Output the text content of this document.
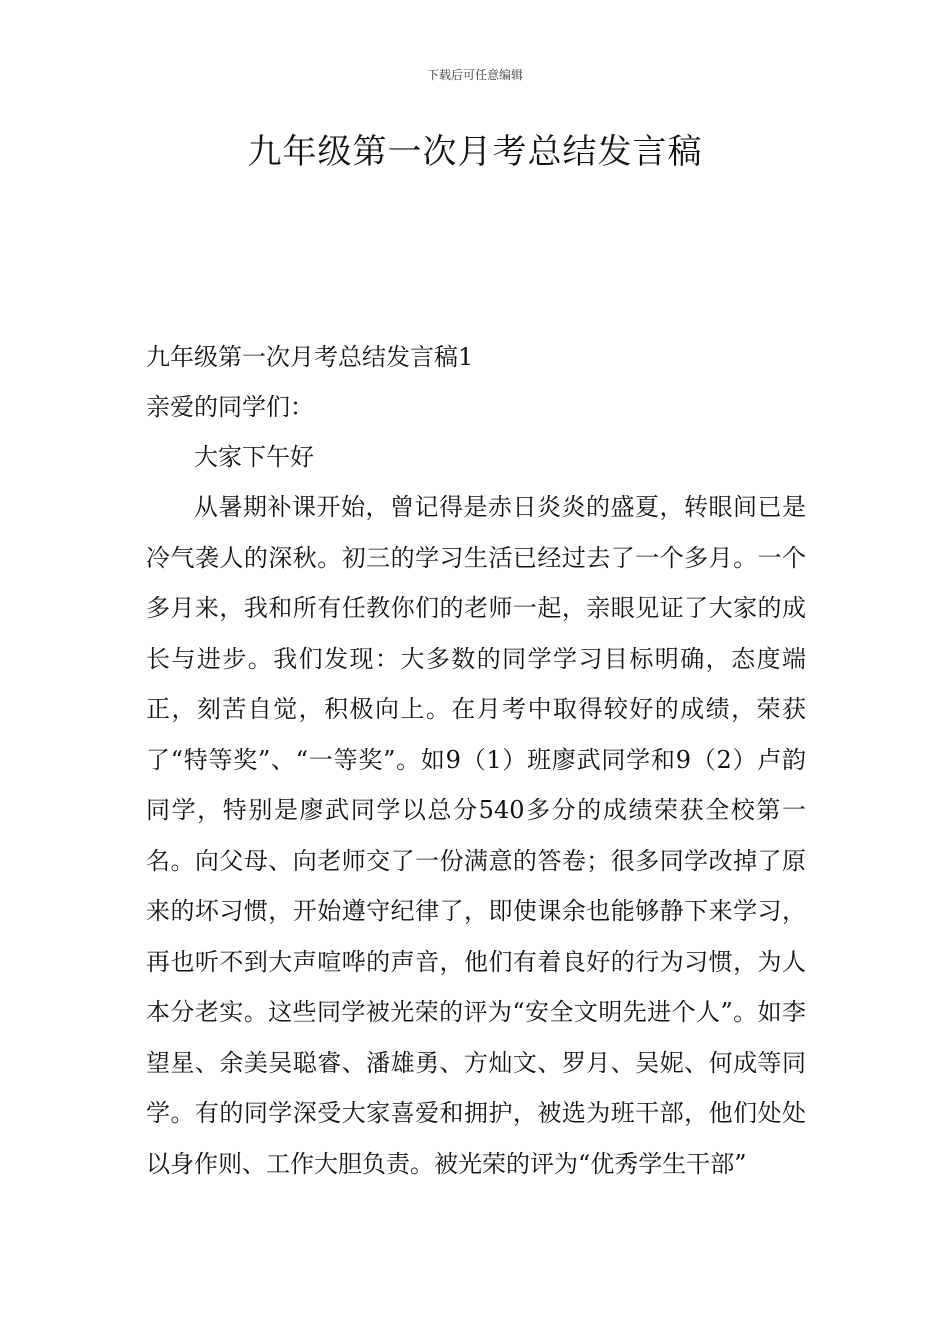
下载后可任意编辑
九年级第一次月考总结发言稿
九年级第一次月考总结发言稿1
亲爱的同学们：
大家下午好

从暑期补课开始，曾记得是赤日炎炎的盛夏，转眼间已是冷气袭人的深秋。初三的学习生活已经过去了一个多月。一个多月来，我和所有任教你们的老师一起，亲眼见证了大家的成长与进步。我们发现：大多数的同学学习目标明确，态度端正，刻苦自觉，积极向上。在月考中取得较好的成绩，荣获了“特等奖”、“一等奖”。如9（1）班廖武同学和9（2）卢韵同学，特别是廖武同学以总分540多分的成绩荣获全校第一名。向父母、向老师交了一份满意的答卷；很多同学改掉了原来的坏习惯，开始遵守纪律了，即使课余也能够静下来学习，再也听不到大声喧哗的声音，他们有着良好的行为习惯，为人本分老实。这些同学被光荣的评为“安全文明先进个人”。如李望星、余美吴聪睿、潘雄勇、方灿文、罗月、吴妮、何成等同学。有的同学深受大家喜爱和拥护，被选为班干部，他们处处以身作则、工作大胆负责。被光荣的评为“优秀学生干部”
